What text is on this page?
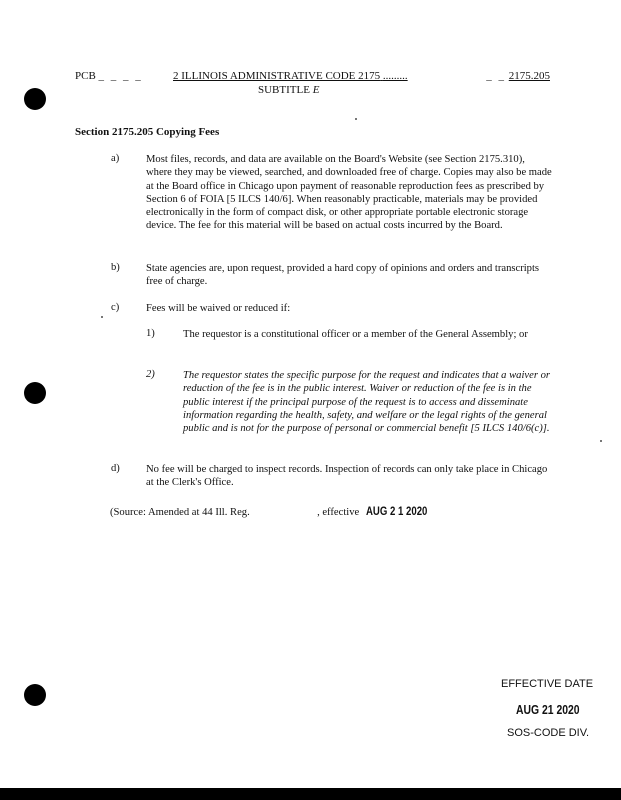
PCB _ _ _ _	2 ILLINOIS ADMINISTRATIVE CODE 2175 .........	_ _ 2175.205
SUBTITLE E
Section 2175.205 Copying Fees
a)	Most files, records, and data are available on the Board's Website (see Section 2175.310), where they may be viewed, searched, and downloaded free of charge. Copies may also be made at the Board office in Chicago upon payment of reasonable reproduction fees as prescribed by Section 6 of FOIA [5 ILCS 140/6]. When reasonably practicable, materials may be provided electronically in the form of compact disk, or other appropriate portable electronic storage device. The fee for this material will be based on actual costs incurred by the Board.
b) State agencies are, upon request, provided a hard copy of opinions and orders and transcripts free of charge.
c)	Fees will be waived or reduced if:
1)	The requestor is a constitutional officer or a member of the General Assembly; or
2)	The requestor states the specific purpose for the request and indicates that a waiver or reduction of the fee is in the public interest. Waiver or reduction of the fee is in the public interest if the principal purpose of the request is to access and disseminate information regarding the health, safety, and welfare or the legal rights of the general public and is not for the purpose of personal or commercial benefit [5 ILCS 140/6(c)].
d) No fee will be charged to inspect records. Inspection of records can only take place in Chicago at the Clerk's Office.
(Source: Amended at 44 Ill. Reg.	, effective AUG 2 1 2020
EFFECTIVE DATE
AUG 21 2020
SOS-CODE DIV.
